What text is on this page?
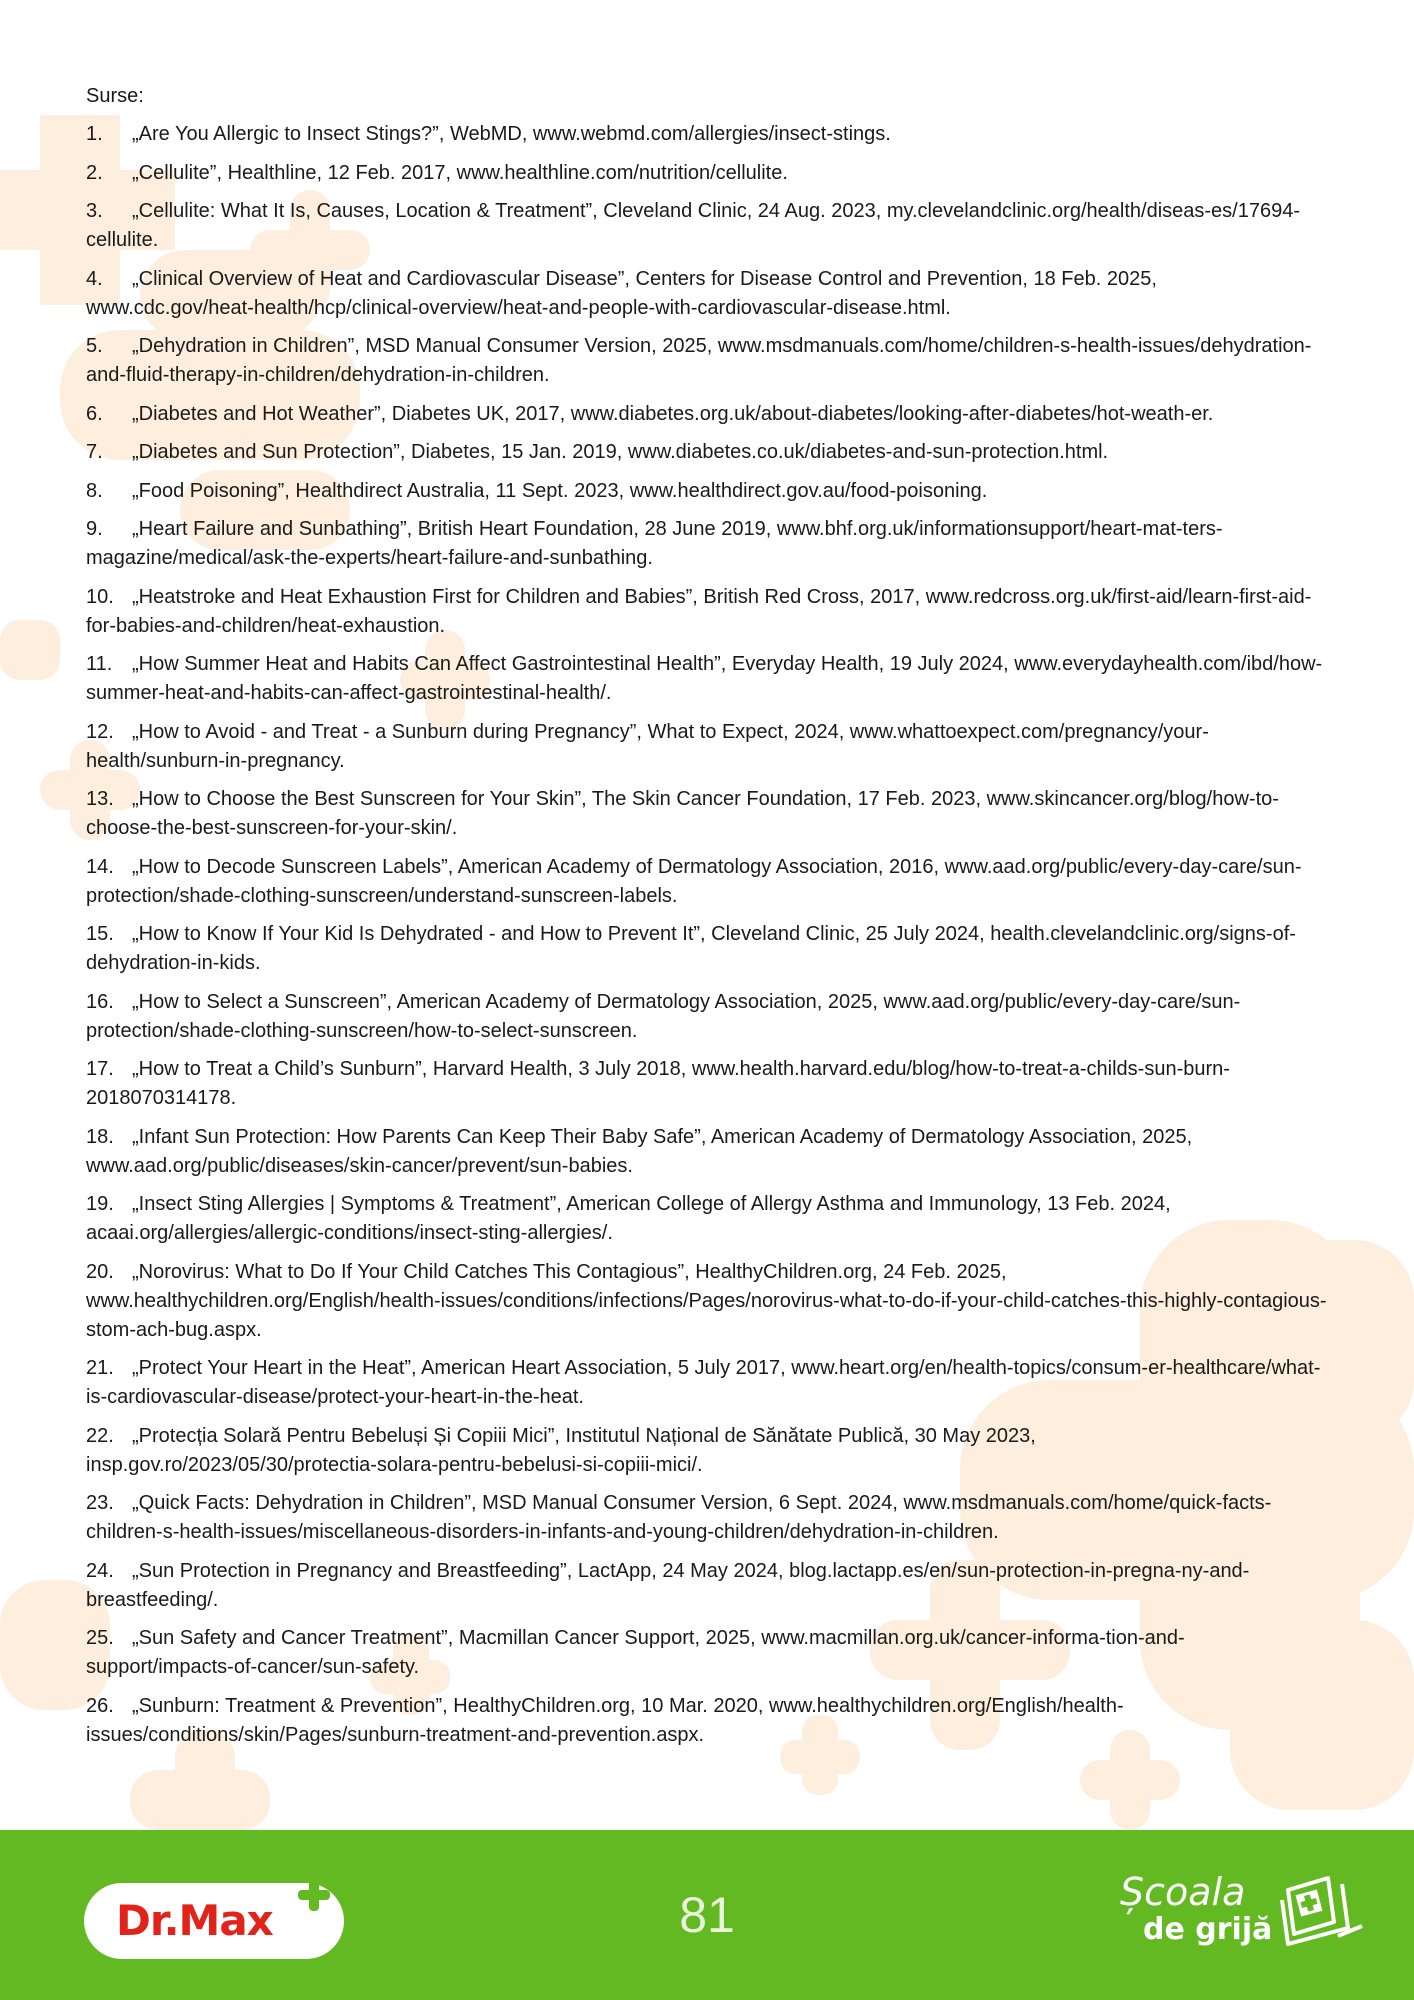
Surse:
1. „Are You Allergic to Insect Stings?”, WebMD, www.webmd.com/allergies/insect-stings.
2. „Cellulite”, Healthline, 12 Feb. 2017, www.healthline.com/nutrition/cellulite.
3. „Cellulite: What It Is, Causes, Location & Treatment”, Cleveland Clinic, 24 Aug. 2023, my.clevelandclinic.org/health/diseas-es/17694-cellulite.
4. „Clinical Overview of Heat and Cardiovascular Disease”, Centers for Disease Control and Prevention, 18 Feb. 2025, www.cdc.gov/heat-health/hcp/clinical-overview/heat-and-people-with-cardiovascular-disease.html.
5. „Dehydration in Children”, MSD Manual Consumer Version, 2025, www.msdmanuals.com/home/children-s-health-issues/dehydration-and-fluid-therapy-in-children/dehydration-in-children.
6. „Diabetes and Hot Weather”, Diabetes UK, 2017, www.diabetes.org.uk/about-diabetes/looking-after-diabetes/hot-weath-er.
7. „Diabetes and Sun Protection”, Diabetes, 15 Jan. 2019, www.diabetes.co.uk/diabetes-and-sun-protection.html.
8. „Food Poisoning”, Healthdirect Australia, 11 Sept. 2023, www.healthdirect.gov.au/food-poisoning.
9. „Heart Failure and Sunbathing”, British Heart Foundation, 28 June 2019, www.bhf.org.uk/informationsupport/heart-mat-ters-magazine/medical/ask-the-experts/heart-failure-and-sunbathing.
10. „Heatstroke and Heat Exhaustion First for Children and Babies”, British Red Cross, 2017, www.redcross.org.uk/first-aid/learn-first-aid-for-babies-and-children/heat-exhaustion.
11. „How Summer Heat and Habits Can Affect Gastrointestinal Health”, Everyday Health, 19 July 2024, www.everydayhealth.com/ibd/how-summer-heat-and-habits-can-affect-gastrointestinal-health/.
12. „How to Avoid - and Treat - a Sunburn during Pregnancy”, What to Expect, 2024, www.whattoexpect.com/pregnancy/your-health/sunburn-in-pregnancy.
13. „How to Choose the Best Sunscreen for Your Skin”, The Skin Cancer Foundation, 17 Feb. 2023, www.skincancer.org/blog/how-to-choose-the-best-sunscreen-for-your-skin/.
14. „How to Decode Sunscreen Labels”, American Academy of Dermatology Association, 2016, www.aad.org/public/every-day-care/sun-protection/shade-clothing-sunscreen/understand-sunscreen-labels.
15. „How to Know If Your Kid Is Dehydrated - and How to Prevent It”, Cleveland Clinic, 25 July 2024, health.clevelandclinic.org/signs-of-dehydration-in-kids.
16. „How to Select a Sunscreen”, American Academy of Dermatology Association, 2025, www.aad.org/public/every-day-care/sun-protection/shade-clothing-sunscreen/how-to-select-sunscreen.
17. „How to Treat a Child’s Sunburn”, Harvard Health, 3 July 2018, www.health.harvard.edu/blog/how-to-treat-a-childs-sun-burn-2018070314178.
18. „Infant Sun Protection: How Parents Can Keep Their Baby Safe”, American Academy of Dermatology Association, 2025, www.aad.org/public/diseases/skin-cancer/prevent/sun-babies.
19. „Insect Sting Allergies | Symptoms & Treatment”, American College of Allergy Asthma and Immunology, 13 Feb. 2024, acaai.org/allergies/allergic-conditions/insect-sting-allergies/.
20. „Norovirus: What to Do If Your Child Catches This Contagious”, HealthyChildren.org, 24 Feb. 2025, www.healthychildren.org/English/health-issues/conditions/infections/Pages/norovirus-what-to-do-if-your-child-catches-this-highly-contagious-stom-ach-bug.aspx.
21. „Protect Your Heart in the Heat”, American Heart Association, 5 July 2017, www.heart.org/en/health-topics/consum-er-healthcare/what-is-cardiovascular-disease/protect-your-heart-in-the-heat.
22. „Protecția Solară Pentru Bebeluși Și Copiii Mici”, Institutul Național de Sănătate Publică, 30 May 2023, insp.gov.ro/2023/05/30/protectia-solara-pentru-bebelusi-si-copiii-mici/.
23. „Quick Facts: Dehydration in Children”, MSD Manual Consumer Version, 6 Sept. 2024, www.msdmanuals.com/home/quick-facts-children-s-health-issues/miscellaneous-disorders-in-infants-and-young-children/dehydration-in-children.
24. „Sun Protection in Pregnancy and Breastfeeding”, LactApp, 24 May 2024, blog.lactapp.es/en/sun-protection-in-pregna-ny-and-breastfeeding/.
25. „Sun Safety and Cancer Treatment”, Macmillan Cancer Support, 2025, www.macmillan.org.uk/cancer-informa-tion-and-support/impacts-of-cancer/sun-safety.
26. „Sunburn: Treatment & Prevention”, HealthyChildren.org, 10 Mar. 2020, www.healthychildren.org/English/health-issues/conditions/skin/Pages/sunburn-treatment-and-prevention.aspx.
Dr.Max	81	Școala
de grijă
